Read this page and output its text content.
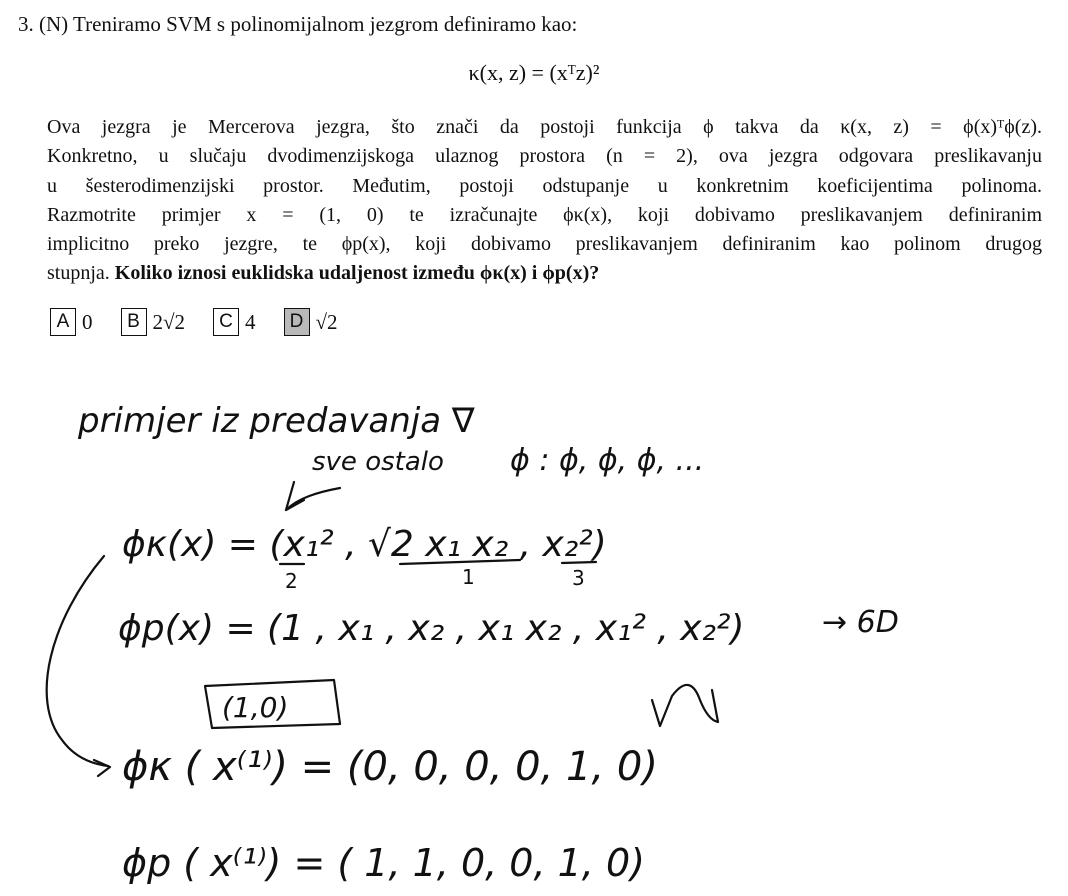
3. (N) Treniramo SVM s polinomijalnom jezgrom definiramo kao:
κ(x, z) = (xᵀz)²
Ova jezgra je Mercerova jezgra, što znači da postoji funkcija ϕ takva da κ(x, z) = ϕ(x)ᵀϕ(z).
Konkretno, u slučaju dvodimenzijskoga ulaznog prostora (n = 2), ova jezgra odgovara preslikavanju
u šesterodimenzijski prostor. Međutim, postoji odstupanje u konkretnim koeficijentima polinoma.
Razmotrite primjer x = (1, 0) te izračunajte ϕκ(x), koji dobivamo preslikavanjem definiranim
implicitno preko jezgre, te ϕp(x), koji dobivamo preslikavanjem definiranim kao polinom drugog
stupnja. Koliko iznosi euklidska udaljenost između ϕκ(x) i ϕp(x)?
A 0	B 2√2	C 4	D √2
primjer iz predavanja ∇
sve ostalo ϕ : ϕ, ϕ, ϕ, ...
ϕκ(x) = (x₁² , √2 x₁ x₂ , x₂²)
2	1	3
ϕp(x) = (1 , x₁ , x₂ , x₁ x₂ , x₁² , x₂²)	→ 6D
(1,0)
ϕκ ( x⁽¹⁾) = (0, 0, 0, 0, 1, 0)
ϕp ( x⁽¹⁾) = ( 1, 1, 0, 0, 1, 0)
